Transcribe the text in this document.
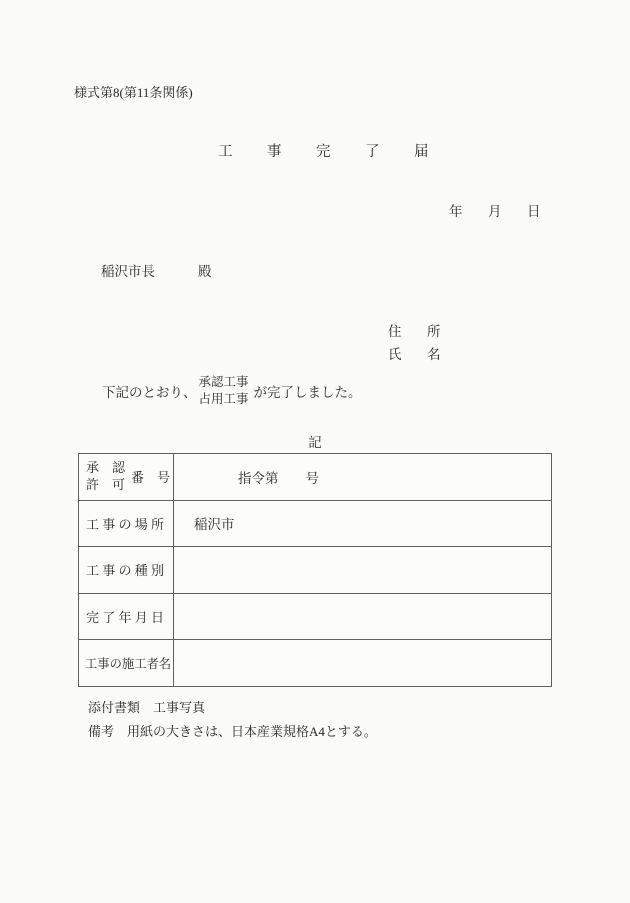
様式第8(第11条関係)
工　事　完　了　届
年　月　日
稲沢市長	殿
住　所
氏　名
下記のとおり、
承認工事
占用工事 が完了しました。
記
承　認
許　可 番　号	指令第　　号
工 事 の 場 所	稲沢市
工 事 の 種 別	
完 了 年 月 日	
工事の施工者名	
添付書類　工事写真
備考　用紙の大きさは、日本産業規格A4とする。
